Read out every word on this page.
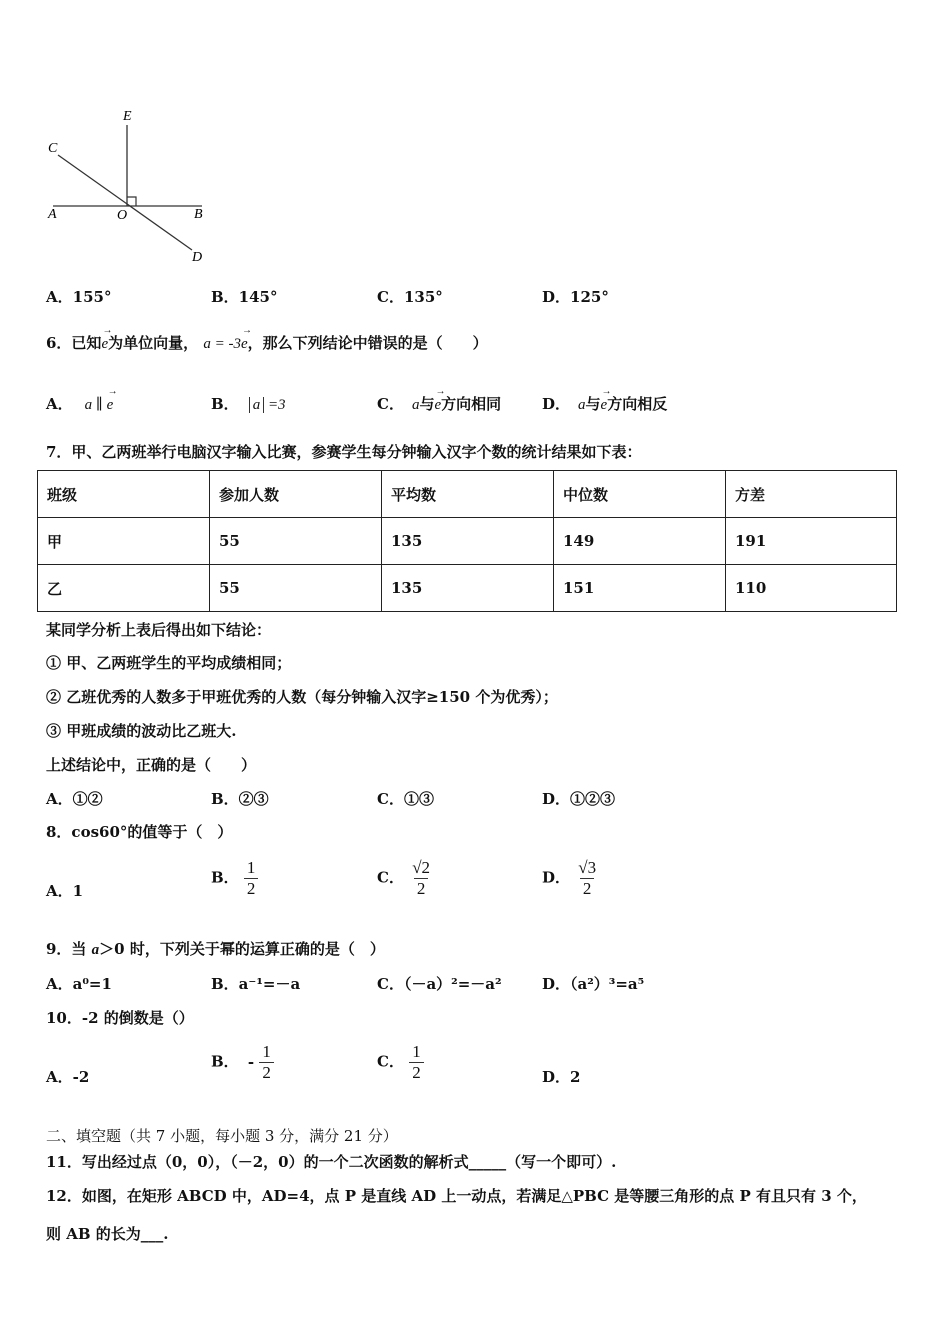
E
C
A	O	B
D
A．155°	B．145°	C．135°	D．125°
6．已知
→
e为单位向量， a = -3
→
e，那么下列结论中错误的是（　　）
A． a ∥
→
e	B． a =3	C． a与
→
e方向相同	D． a与
→
e方向相反
7．甲、乙两班举行电脑汉字输入比赛，参赛学生每分钟输入汉字个数的统计结果如下表：
班级	参加人数	平均数	中位数	方差
甲	55	135	149	191
乙	55	135	151	110
某同学分析上表后得出如下结论：
① 甲、乙两班学生的平均成绩相同；
② 乙班优秀的人数多于甲班优秀的人数（每分钟输入汉字≥150 个为优秀）；
③ 甲班成绩的波动比乙班大.
上述结论中，正确的是（　　）
A．①②	B．②③	C．①③	D．①②③
8．cos60°的值等于（　）
A．1
B． $\frac{1}{2}$	C． $\frac{√2}{2}$	D． $\frac{√3}{2}$
9．当 a＞0 时，下列关于幂的运算正确的是（　）
A．a⁰=1	B．a⁻¹=－a	C．（－a）²=－a²	D．（a²）³=a⁵
10．-2 的倒数是（）
A．-2
B． - $\frac{1}{2}$	C． $\frac{1}{2}$	D．2
二、填空题（共 7 小题，每小题 3 分，满分 21 分）
11．写出经过点（0，0），（－2，0）的一个二次函数的解析式_____（写一个即可）.
12．如图，在矩形 ABCD 中，AD=4，点 P 是直线 AD 上一动点，若满足△PBC 是等腰三角形的点 P 有且只有 3 个，
则 AB 的长为___.
